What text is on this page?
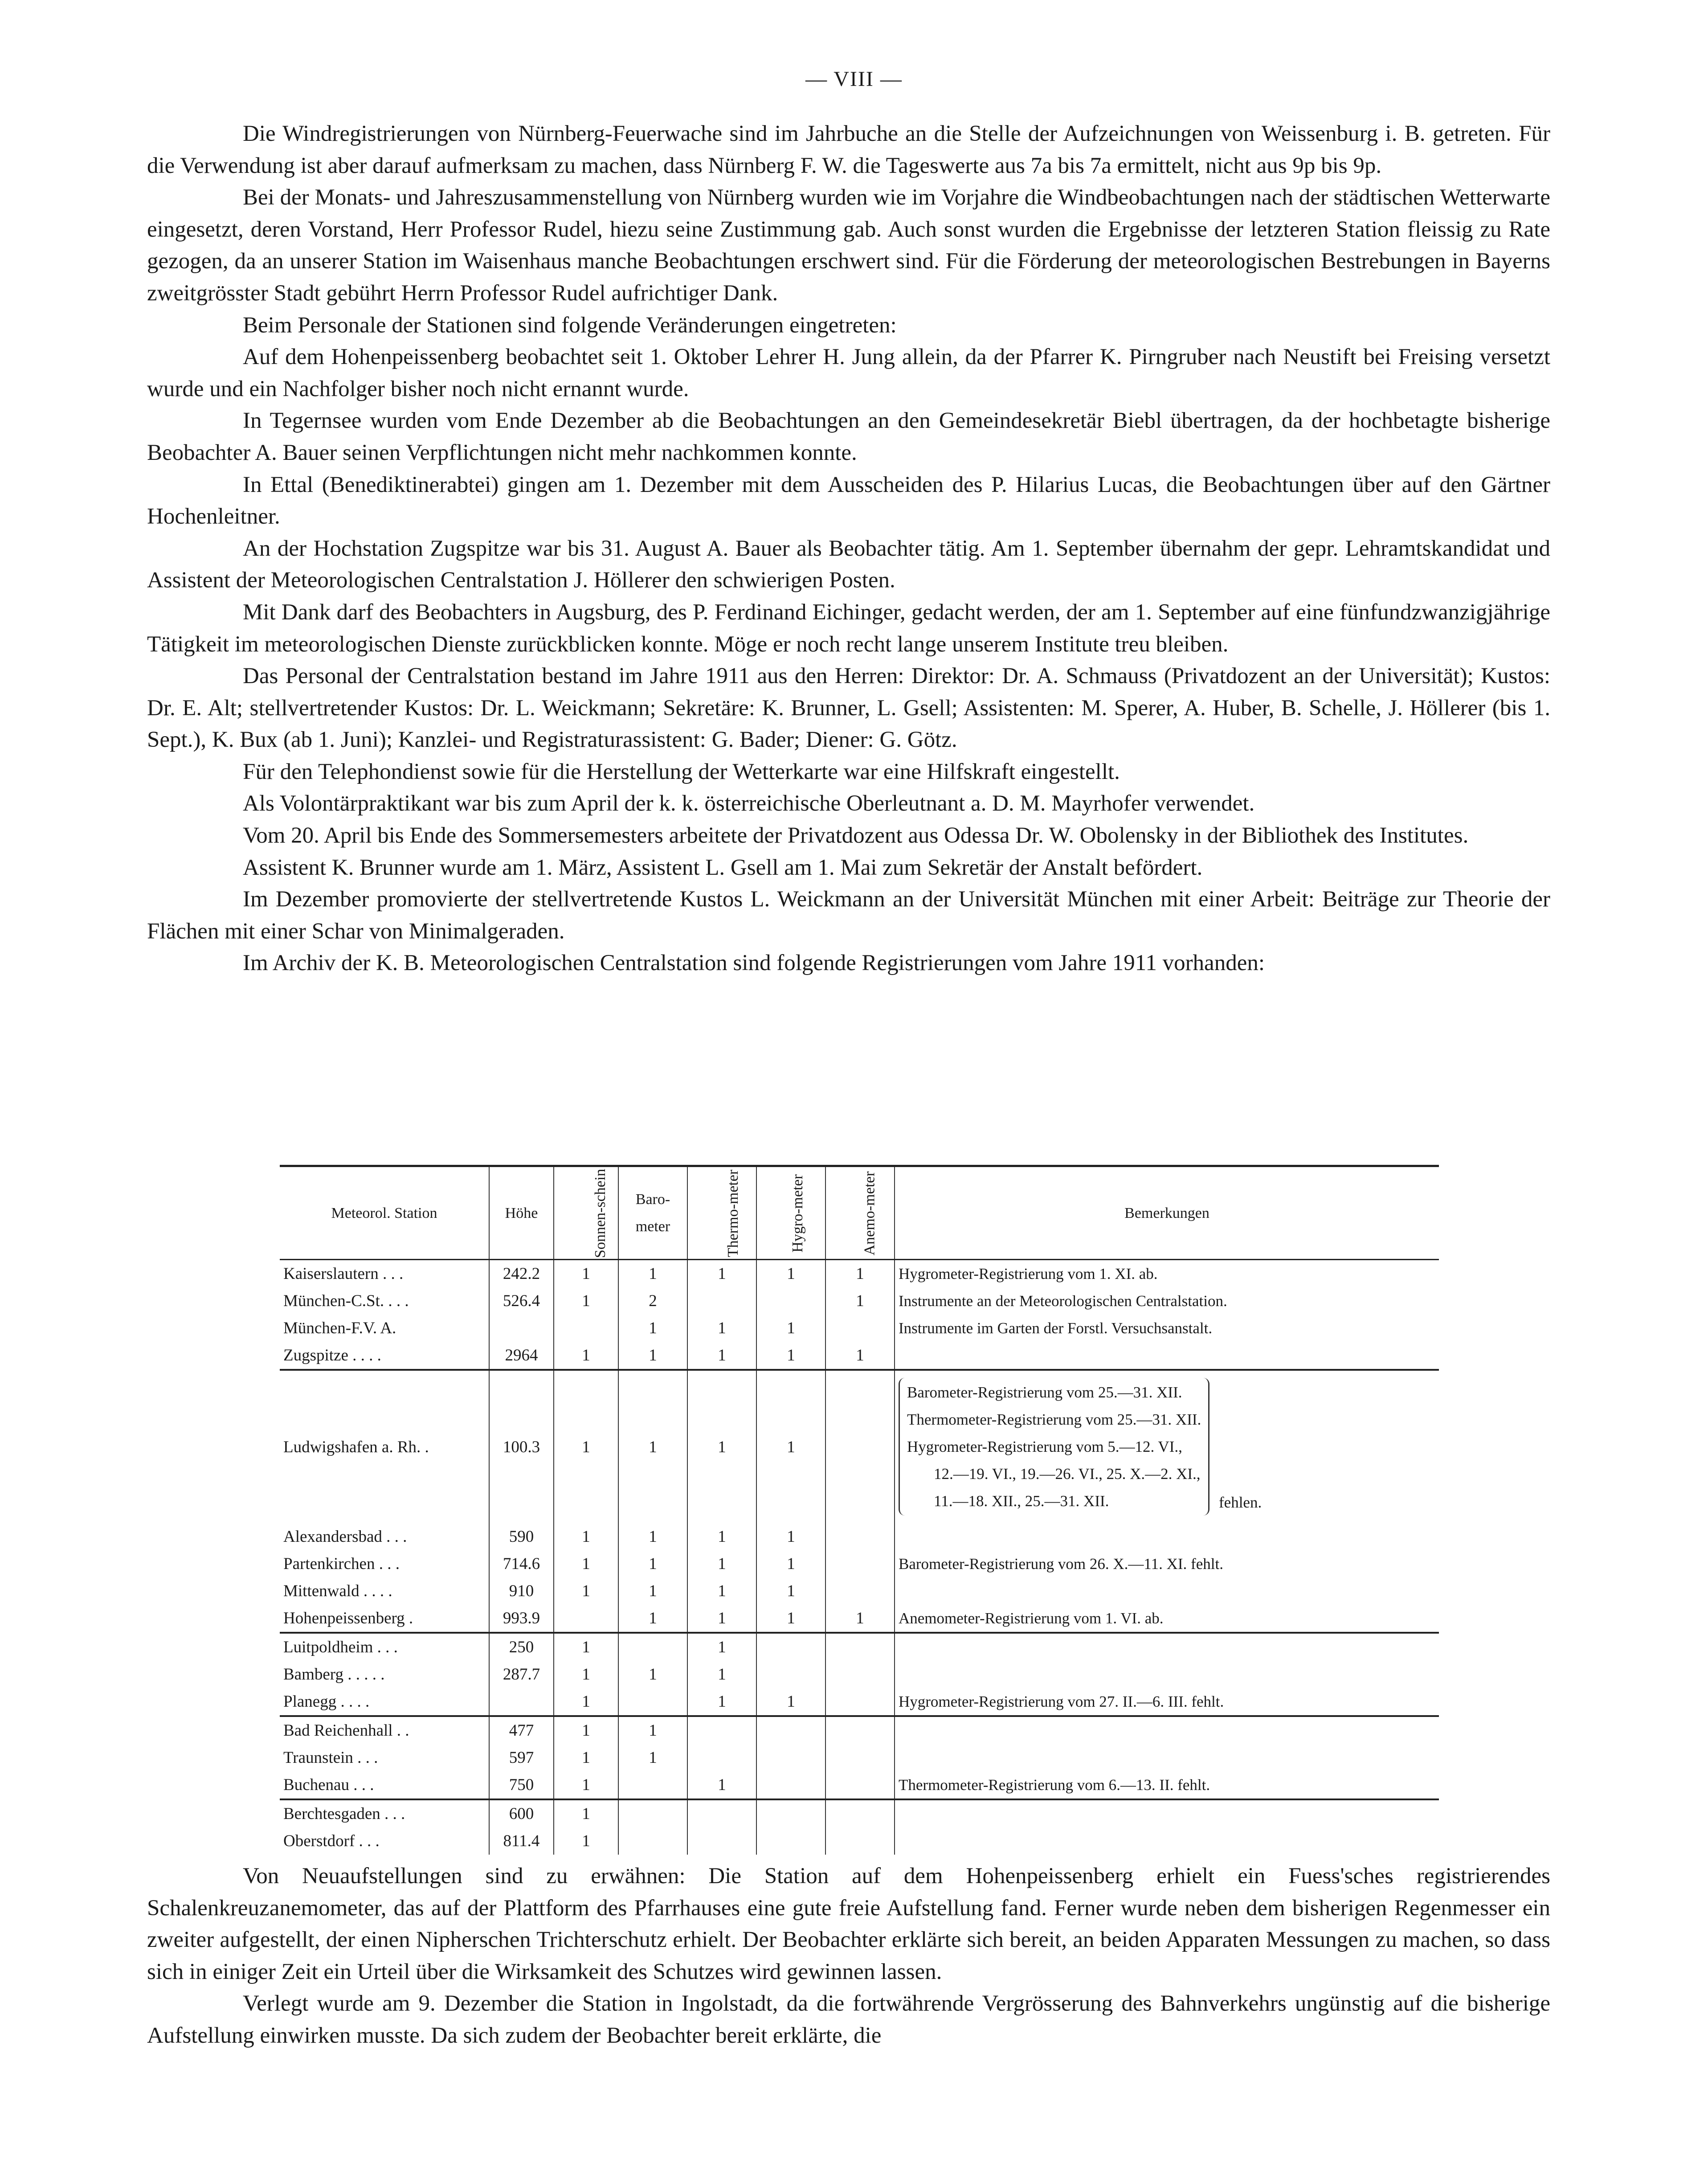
— VIII —

Die Windregistrierungen von Nürnberg-Feuerwache sind im Jahrbuche an die Stelle der Aufzeichnungen von Weissenburg i. B. getreten. Für die Verwendung ist aber darauf aufmerksam zu machen, dass Nürnberg F. W. die Tageswerte aus 7a bis 7a ermittelt, nicht aus 9p bis 9p.

Bei der Monats- und Jahreszusammenstellung von Nürnberg wurden wie im Vorjahre die Windbeobachtungen nach der städtischen Wetterwarte eingesetzt, deren Vorstand, Herr Professor Rudel, hiezu seine Zustimmung gab. Auch sonst wurden die Ergebnisse der letzteren Station fleissig zu Rate gezogen, da an unserer Station im Waisenhaus manche Beobachtungen erschwert sind. Für die Förderung der meteorologischen Bestrebungen in Bayerns zweitgrösster Stadt gebührt Herrn Professor Rudel aufrichtiger Dank.

Beim Personale der Stationen sind folgende Veränderungen eingetreten:

Auf dem Hohenpeissenberg beobachtet seit 1. Oktober Lehrer H. Jung allein, da der Pfarrer K. Pirngruber nach Neustift bei Freising versetzt wurde und ein Nachfolger bisher noch nicht ernannt wurde.

In Tegernsee wurden vom Ende Dezember ab die Beobachtungen an den Gemeindesekretär Biebl übertragen, da der hochbetagte bisherige Beobachter A. Bauer seinen Verpflichtungen nicht mehr nachkommen konnte.

In Ettal (Benediktinerabtei) gingen am 1. Dezember mit dem Ausscheiden des P. Hilarius Lucas, die Beobachtungen über auf den Gärtner Hochenleitner.

An der Hochstation Zugspitze war bis 31. August A. Bauer als Beobachter tätig. Am 1. September übernahm der gepr. Lehramtskandidat und Assistent der Meteorologischen Centralstation J. Höllerer den schwierigen Posten.

Mit Dank darf des Beobachters in Augsburg, des P. Ferdinand Eichinger, gedacht werden, der am 1. September auf eine fünfundzwanzigjährige Tätigkeit im meteorologischen Dienste zurückblicken konnte. Möge er noch recht lange unserem Institute treu bleiben.

Das Personal der Centralstation bestand im Jahre 1911 aus den Herren: Direktor: Dr. A. Schmauss (Privatdozent an der Universität); Kustos: Dr. E. Alt; stellvertretender Kustos: Dr. L. Weickmann; Sekretäre: K. Brunner, L. Gsell; Assistenten: M. Sperer, A. Huber, B. Schelle, J. Höllerer (bis 1. Sept.), K. Bux (ab 1. Juni); Kanzlei- und Registraturassistent: G. Bader; Diener: G. Götz.

Für den Telephondienst sowie für die Herstellung der Wetterkarte war eine Hilfskraft eingestellt.

Als Volontärpraktikant war bis zum April der k. k. österreichische Oberleutnant a. D. M. Mayrhofer verwendet.

Vom 20. April bis Ende des Sommersemesters arbeitete der Privatdozent aus Odessa Dr. W. Obolensky in der Bibliothek des Institutes.

Assistent K. Brunner wurde am 1. März, Assistent L. Gsell am 1. Mai zum Sekretär der Anstalt befördert.

Im Dezember promovierte der stellvertretende Kustos L. Weickmann an der Universität München mit einer Arbeit: Beiträge zur Theorie der Flächen mit einer Schar von Minimalgeraden.

Im Archiv der K. B. Meteorologischen Centralstation sind folgende Registrierungen vom Jahre 1911 vorhanden:

Meteorol. Station	Höhe	Sonnen-schein	Baro-meter	Thermo-meter	Hygro-meter	Anemo-meter	Bemerkungen
Kaiserslautern . . .	242.2	1	1	1	1	1	Hygrometer-Registrierung vom 1. XI. ab.
München-C.St. . . .	526.4	1	2			1	Instrumente an der Meteorologischen Centralstation.
München-F.V. A.			1	1	1		Instrumente im Garten der Forstl. Versuchsanstalt.
Zugspitze . . . .	2964	1	1	1	1	1	
Ludwigshafen a. Rh. .	100.3	1	1	1	1		Barometer-Registrierung vom 25.—31. XII.
Thermometer-Registrierung vom 25.—31. XII.
Hygrometer-Registrierung vom 5.—12. VI.,
12.—19. VI., 19.—26. VI., 25. X.—2. XI.,
11.—18. XII., 25.—31. XII. fehlen.
Alexandersbad . . .	590	1	1	1	1		
Partenkirchen . . .	714.6	1	1	1	1		Barometer-Registrierung vom 26. X.—11. XI. fehlt.
Mittenwald . . . .	910	1	1	1	1		
Hohenpeissenberg .	993.9		1	1	1	1	Anemometer-Registrierung vom 1. VI. ab.
Luitpoldheim . . .	250	1		1			
Bamberg . . . . .	287.7	1	1	1			
Planegg . . . .		1		1	1		Hygrometer-Registrierung vom 27. II.—6. III. fehlt.
Bad Reichenhall . .	477	1	1				
Traunstein . . .	597	1	1				
Buchenau . . .	750	1		1			Thermometer-Registrierung vom 6.—13. II. fehlt.
Berchtesgaden . . .	600	1					
Oberstdorf . . .	811.4	1					

Von Neuaufstellungen sind zu erwähnen: Die Station auf dem Hohenpeissenberg erhielt ein Fuess'sches registrierendes Schalenkreuzanemometer, das auf der Plattform des Pfarrhauses eine gute freie Aufstellung fand. Ferner wurde neben dem bisherigen Regenmesser ein zweiter aufgestellt, der einen Nipherschen Trichterschutz erhielt. Der Beobachter erklärte sich bereit, an beiden Apparaten Messungen zu machen, so dass sich in einiger Zeit ein Urteil über die Wirksamkeit des Schutzes wird gewinnen lassen.

Verlegt wurde am 9. Dezember die Station in Ingolstadt, da die fortwährende Vergrösserung des Bahnverkehrs ungünstig auf die bisherige Aufstellung einwirken musste. Da sich zudem der Beobachter bereit erklärte, die
